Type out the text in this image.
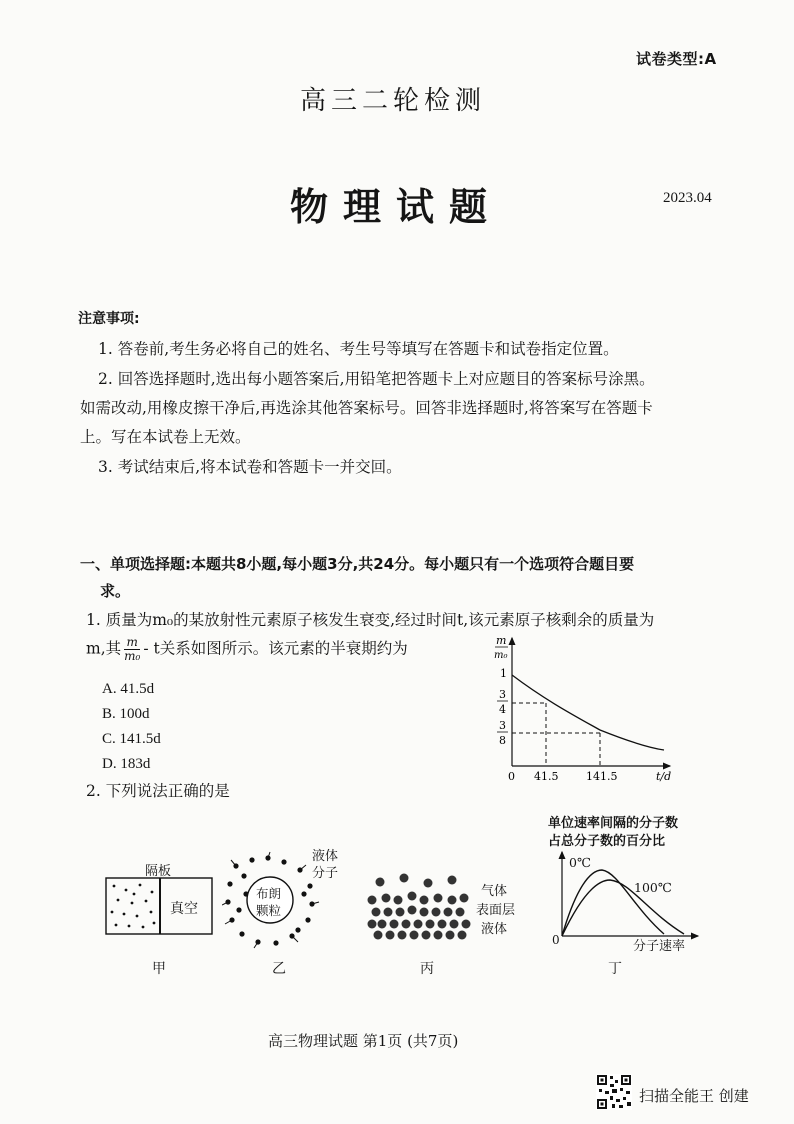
试卷类型:A
高三二轮检测
物理试题	2023.04
注意事项:
1. 答卷前,考生务必将自己的姓名、考生号等填写在答题卡和试卷指定位置。
2. 回答选择题时,选出每小题答案后,用铅笔把答题卡上对应题目的答案标号涂黑。
如需改动,用橡皮擦干净后,再选涂其他答案标号。回答非选择题时,将答案写在答题卡
上。写在本试卷上无效。
3. 考试结束后,将本试卷和答题卡一并交回。
一、单项选择题:本题共8小题,每小题3分,共24分。每小题只有一个选项符合题目要
求。
1. 质量为m₀的某放射性元素原子核发生衰变,经过时间t,该元素原子核剩余的质量为
m,其 $\frac{m}{\text{m₀}}$ - t关系如图所示。该元素的半衰期约为
A. 41.5d
B. 100d
C. 141.5d
D. 183d
m
m₀
1
3
4
3
8
0 41.5	141.5	t/d
2. 下列说法正确的是
隔板
真空
甲
布朗
颗粒
液体
分子
乙
气体
表面层
液体
丙
单位速率间隔的分子数
占总分子数的百分比
0℃
100℃
0	分子速率
丁
高三物理试题 第1页 (共7页)
扫描全能王 创建
